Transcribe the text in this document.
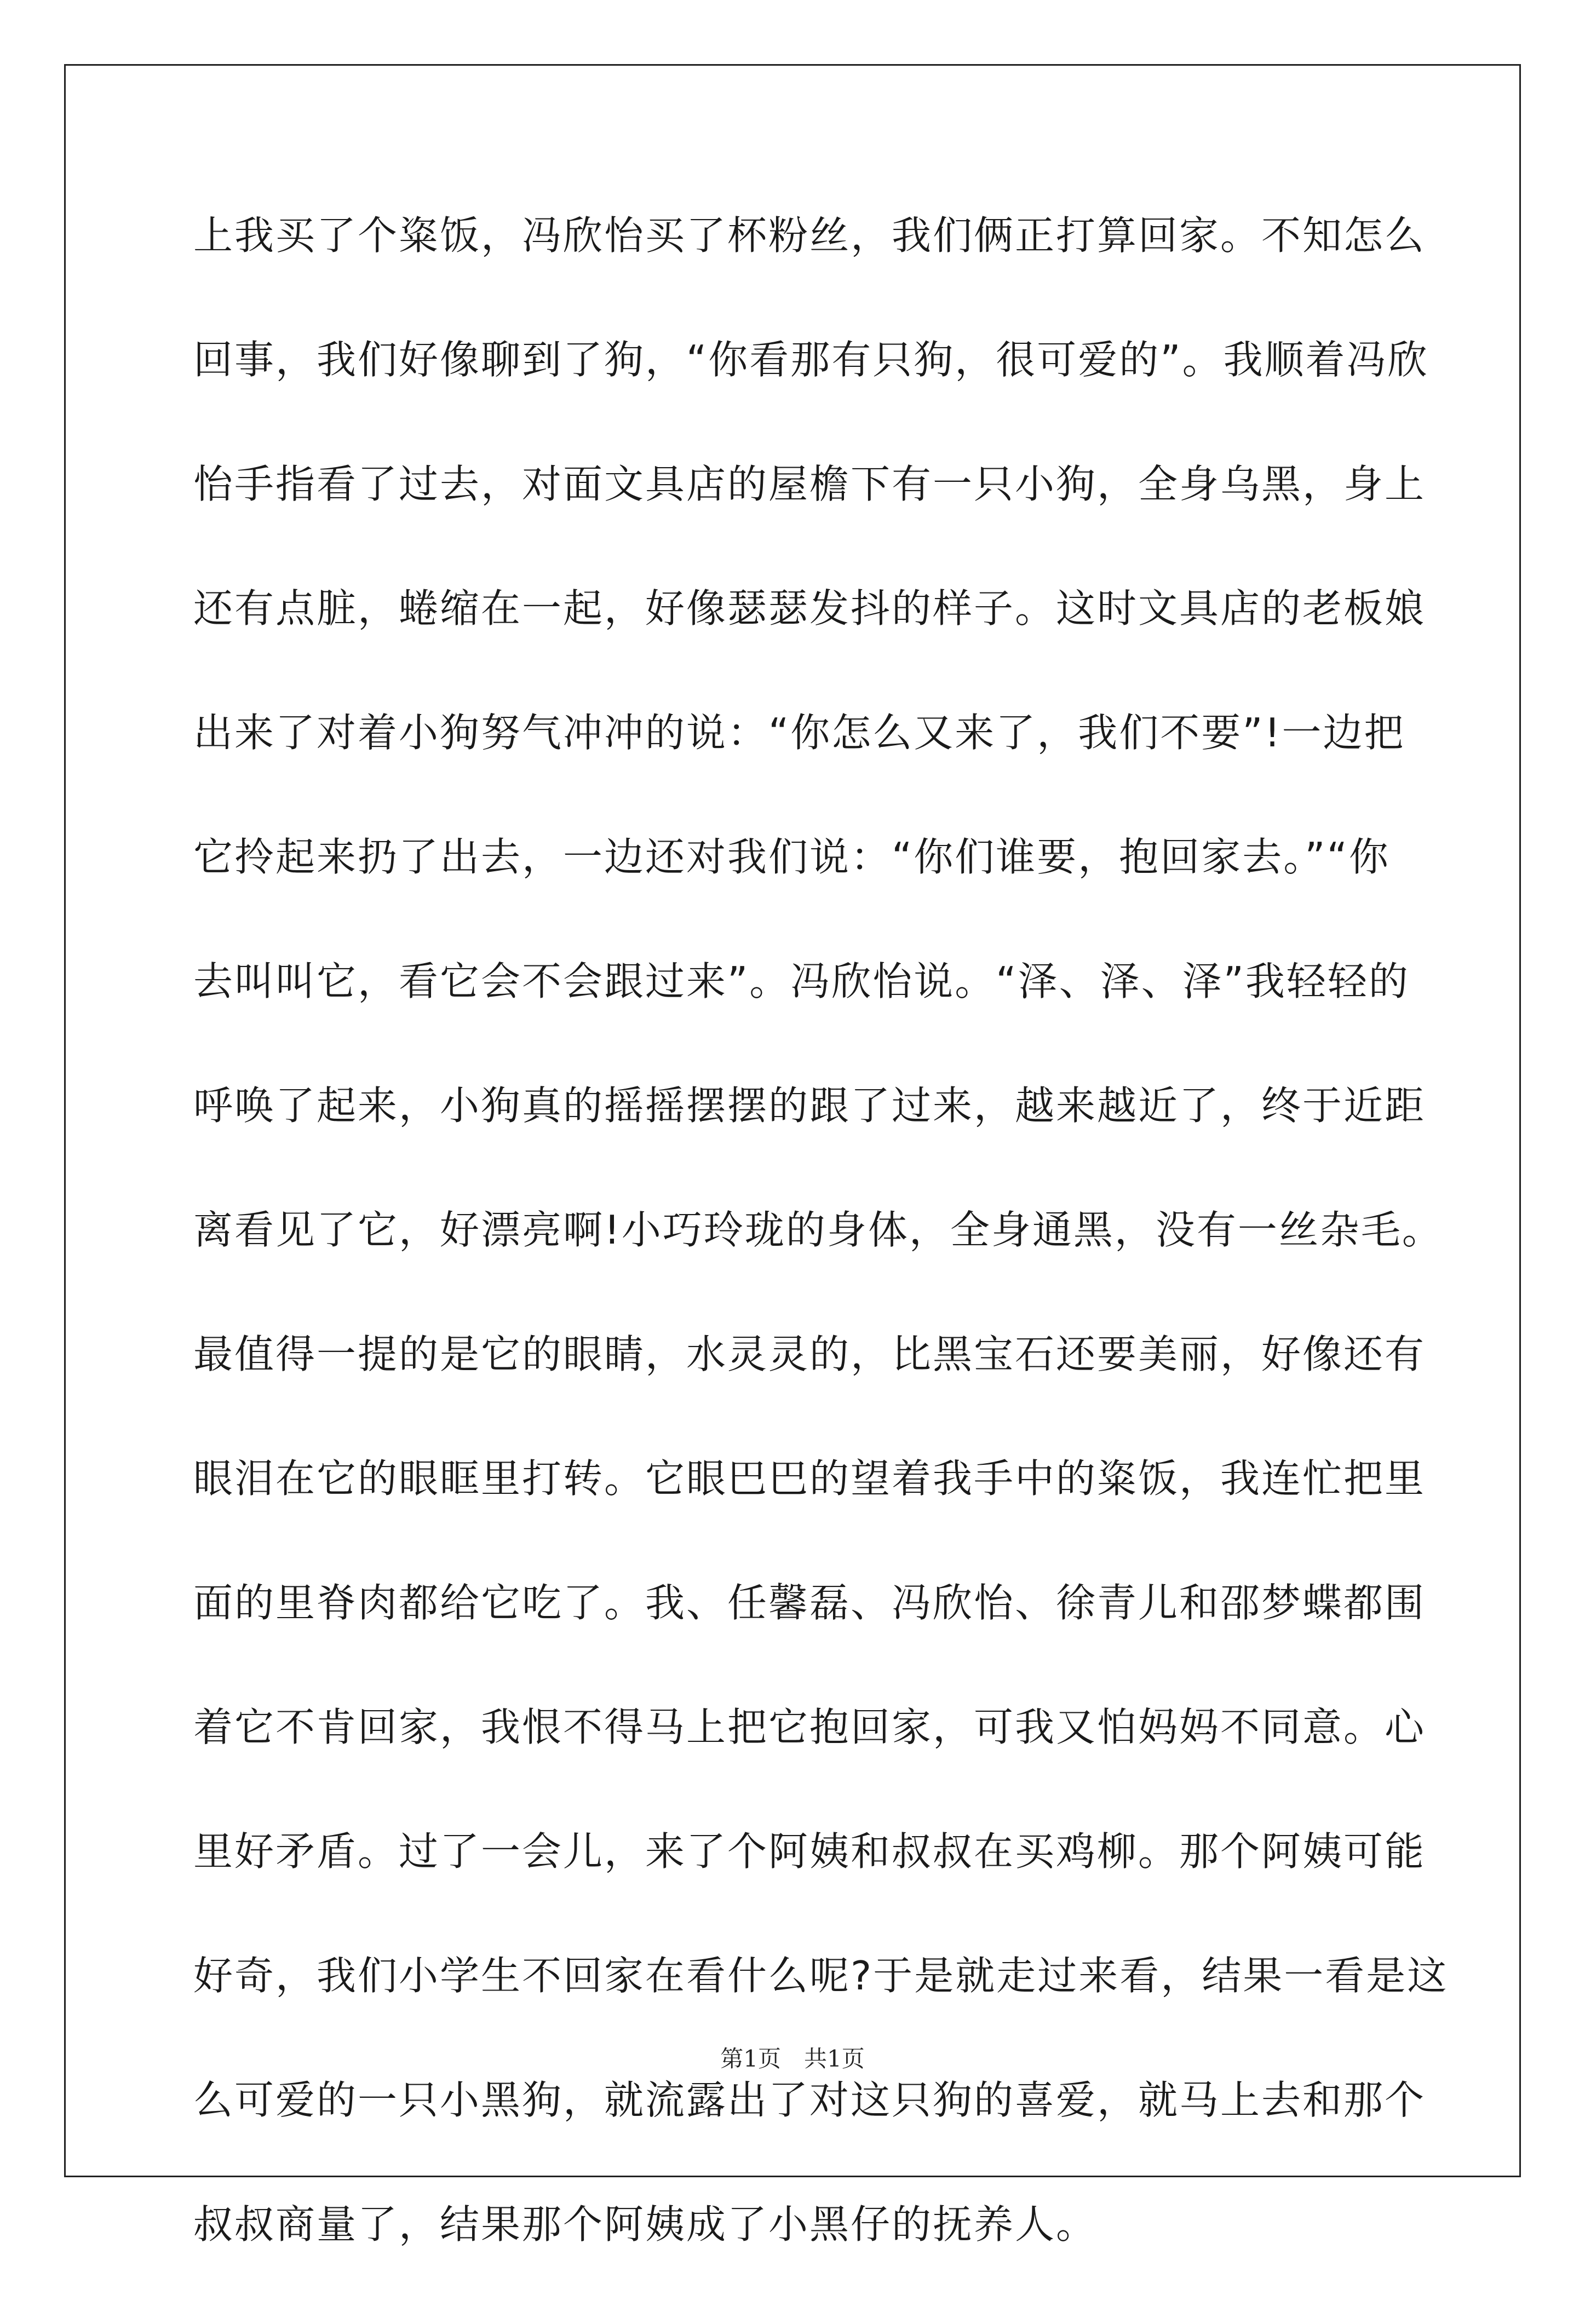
上我买了个粢饭，冯欣怡买了杯粉丝，我们俩正打算回家。不知怎么
回事，我们好像聊到了狗，“你看那有只狗，很可爱的”。我顺着冯欣
怡手指看了过去，对面文具店的屋檐下有一只小狗，全身乌黑，身上
还有点脏，蜷缩在一起，好像瑟瑟发抖的样子。这时文具店的老板娘
出来了对着小狗努气冲冲的说：“你怎么又来了，我们不要”!一边把
它拎起来扔了出去，一边还对我们说：“你们谁要，抱回家去。”“你
去叫叫它，看它会不会跟过来”。冯欣怡说。“泽、泽、泽”我轻轻的
呼唤了起来，小狗真的摇摇摆摆的跟了过来，越来越近了，终于近距
离看见了它，好漂亮啊!小巧玲珑的身体，全身通黑，没有一丝杂毛。
最值得一提的是它的眼睛，水灵灵的，比黑宝石还要美丽，好像还有
眼泪在它的眼眶里打转。它眼巴巴的望着我手中的粢饭，我连忙把里
面的里脊肉都给它吃了。我、任馨磊、冯欣怡、徐青儿和邵梦蝶都围
着它不肯回家，我恨不得马上把它抱回家，可我又怕妈妈不同意。心
里好矛盾。过了一会儿，来了个阿姨和叔叔在买鸡柳。那个阿姨可能
好奇，我们小学生不回家在看什么呢?于是就走过来看，结果一看是这
么可爱的一只小黑狗，就流露出了对这只狗的喜爱，就马上去和那个
叔叔商量了，结果那个阿姨成了小黑仔的抚养人。
第1页　共1页
